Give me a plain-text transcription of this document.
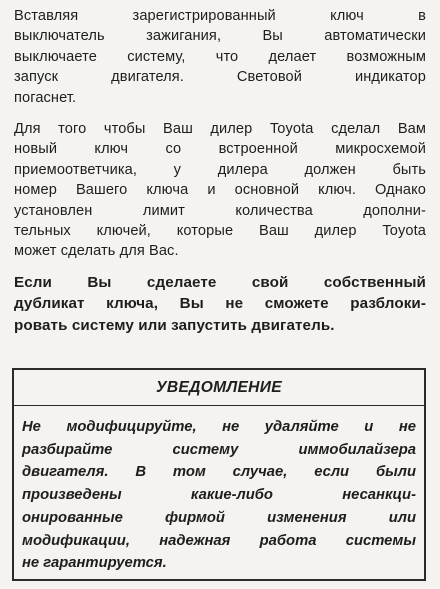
Вставляя зарегистрированный ключ в
выключатель зажигания, Вы автоматически
выключаете систему, что делает возможным
запуск двигателя. Световой индикатор
погаснет.

Для того чтобы Ваш дилер Toyota сделал Вам
новый ключ со встроенной микросхемой
приемоответчика, у дилера должен быть
номер Вашего ключа и основной ключ. Однако
установлен лимит количества дополни-
тельных ключей, которые Ваш дилер Toyota
может сделать для Вас.

Если Вы сделаете свой собственный
дубликат ключа, Вы не сможете разблоки-
ровать систему или запустить двигатель.

УВЕДОМЛЕНИЕ
Не модифицируйте, не удаляйте и не
разбирайте систему иммобилайзера
двигателя. В том случае, если были
произведены какие-либо несанкци-
онированные фирмой изменения или
модификации, надежная работа системы
не гарантируется.
